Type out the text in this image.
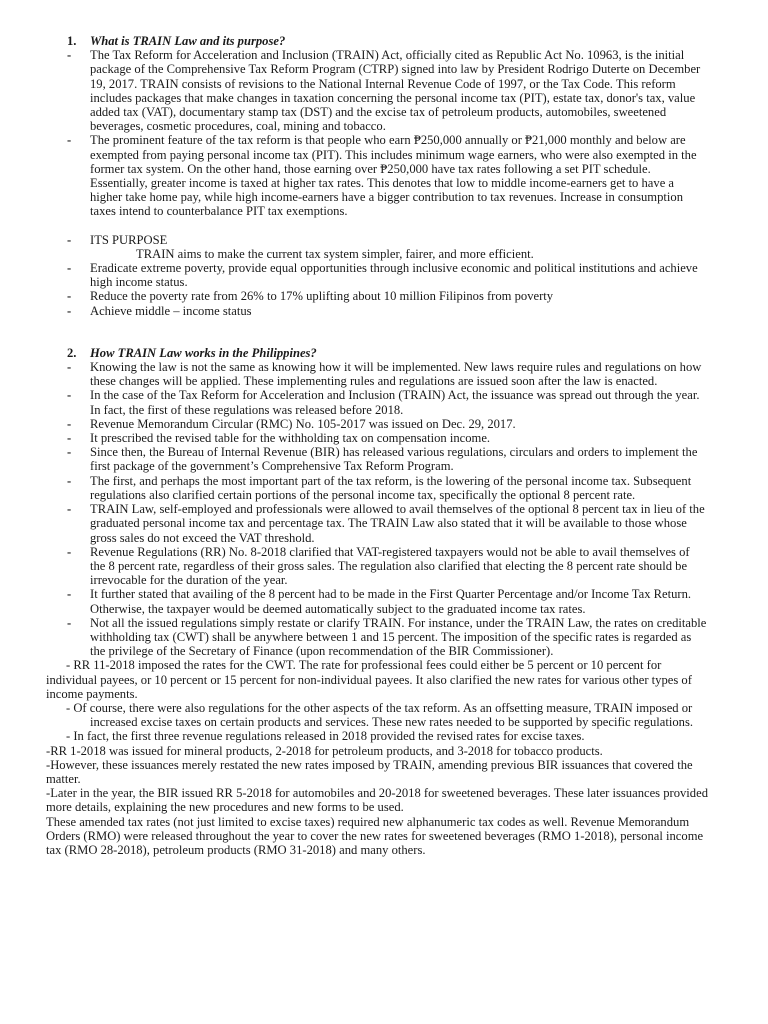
1. What is TRAIN Law and its purpose?
- The Tax Reform for Acceleration and Inclusion (TRAIN) Act, officially cited as Republic Act No. 10963, is the initial package of the Comprehensive Tax Reform Program (CTRP) signed into law by President Rodrigo Duterte on December 19, 2017. TRAIN consists of revisions to the National Internal Revenue Code of 1997, or the Tax Code. This reform includes packages that make changes in taxation concerning the personal income tax (PIT), estate tax, donor's tax, value added tax (VAT), documentary stamp tax (DST) and the excise tax of petroleum products, automobiles, sweetened beverages, cosmetic procedures, coal, mining and tobacco.
- The prominent feature of the tax reform is that people who earn ₱250,000 annually or ₱21,000 monthly and below are exempted from paying personal income tax (PIT). This includes minimum wage earners, who were also exempted in the former tax system. On the other hand, those earning over ₱250,000 have tax rates following a set PIT schedule. Essentially, greater income is taxed at higher tax rates. This denotes that low to middle income-earners get to have a higher take home pay, while high income-earners have a bigger contribution to tax revenues. Increase in consumption taxes intend to counterbalance PIT tax exemptions.
- ITS PURPOSE

TRAIN aims to make the current tax system simpler, fairer, and more efficient.

- Eradicate extreme poverty, provide equal opportunities through inclusive economic and political institutions and achieve high income status.
- Reduce the poverty rate from 26% to 17% uplifting about 10 million Filipinos from poverty
- Achieve middle – income status
2. How TRAIN Law works in the Philippines?
- Knowing the law is not the same as knowing how it will be implemented. New laws require rules and regulations on how these changes will be applied. These implementing rules and regulations are issued soon after the law is enacted.
- In the case of the Tax Reform for Acceleration and Inclusion (TRAIN) Act, the issuance was spread out through the year. In fact, the first of these regulations was released before 2018.
- Revenue Memorandum Circular (RMC) No. 105-2017 was issued on Dec. 29, 2017.
- It prescribed the revised table for the withholding tax on compensation income.
- Since then, the Bureau of Internal Revenue (BIR) has released various regulations, circulars and orders to implement the first package of the government’s Comprehensive Tax Reform Program.
- The first, and perhaps the most important part of the tax reform, is the lowering of the personal income tax. Subsequent regulations also clarified certain portions of the personal income tax, specifically the optional 8 percent rate.
- TRAIN Law, self-employed and professionals were allowed to avail themselves of the optional 8 percent tax in lieu of the graduated personal income tax and percentage tax. The TRAIN Law also stated that it will be available to those whose gross sales do not exceed the VAT threshold.
- Revenue Regulations (RR) No. 8-2018 clarified that VAT-registered taxpayers would not be able to avail themselves of the 8 percent rate, regardless of their gross sales. The regulation also clarified that electing the 8 percent rate should be irrevocable for the duration of the year.
- It further stated that availing of the 8 percent had to be made in the First Quarter Percentage and/or Income Tax Return. Otherwise, the taxpayer would be deemed automatically subject to the graduated income tax rates.
- Not all the issued regulations simply restate or clarify TRAIN. For instance, under the TRAIN Law, the rates on creditable withholding tax (CWT) shall be anywhere between 1 and 15 percent. The imposition of the specific rates is regarded as the privilege of the Secretary of Finance (upon recommendation of the BIR Commissioner).

- RR 11-2018 imposed the rates for the CWT. The rate for professional fees could either be 5 percent or 10 percent for individual payees, or 10 percent or 15 percent for non-individual payees. It also clarified the new rates for various other types of income payments.

- Of course, there were also regulations for the other aspects of the tax reform. As an offsetting measure, TRAIN imposed or increased excise taxes on certain products and services. These new rates needed to be supported by specific regulations.

- In fact, the first three revenue regulations released in 2018 provided the revised rates for excise taxes.

-RR 1-2018 was issued for mineral products, 2-2018 for petroleum products, and 3-2018 for tobacco products.

-However, these issuances merely restated the new rates imposed by TRAIN, amending previous BIR issuances that covered the matter.

-Later in the year, the BIR issued RR 5-2018 for automobiles and 20-2018 for sweetened beverages. These later issuances provided more details, explaining the new procedures and new forms to be used.

These amended tax rates (not just limited to excise taxes) required new alphanumeric tax codes as well. Revenue Memorandum Orders (RMO) were released throughout the year to cover the new rates for sweetened beverages (RMO 1-2018), personal income tax (RMO 28-2018), petroleum products (RMO 31-2018) and many others.
